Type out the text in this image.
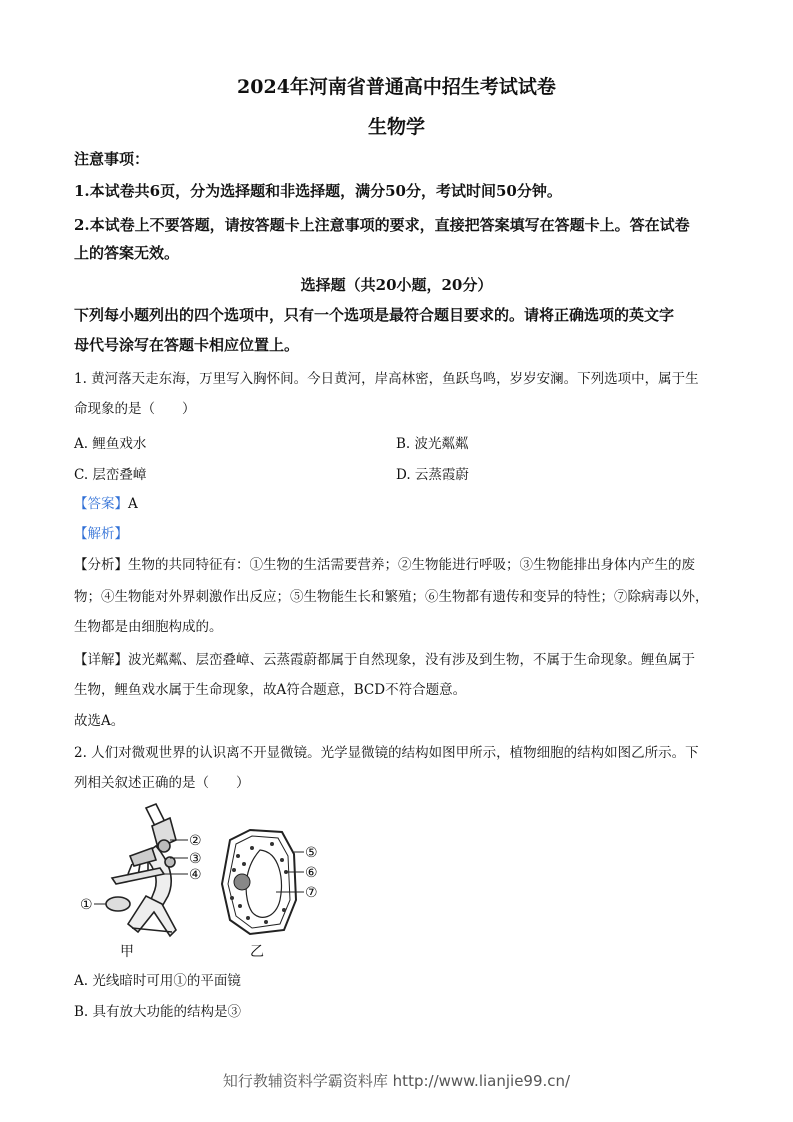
2024年河南省普通高中招生考试试卷
生物学
注意事项：
1.本试卷共6页，分为选择题和非选择题，满分50分，考试时间50分钟。
2.本试卷上不要答题，请按答题卡上注意事项的要求，直接把答案填写在答题卡上。答在试卷
上的答案无效。
选择题（共20小题，20分）
下列每小题列出的四个选项中，只有一个选项是最符合题目要求的。请将正确选项的英文字
母代号涂写在答题卡相应位置上。
1. 黄河落天走东海，万里写入胸怀间。今日黄河，岸高林密，鱼跃鸟鸣，岁岁安澜。下列选项中，属于生
命现象的是（　　）
A. 鲤鱼戏水	B. 波光粼粼
C. 层峦叠嶂	D. 云蒸霞蔚
【答案】A
【解析】
【分析】生物的共同特征有：①生物的生活需要营养；②生物能进行呼吸；③生物能排出身体内产生的废
物；④生物能对外界刺激作出反应；⑤生物能生长和繁殖；⑥生物都有遗传和变异的特性；⑦除病毒以外，
生物都是由细胞构成的。
【详解】波光粼粼、层峦叠嶂、云蒸霞蔚都属于自然现象，没有涉及到生物，不属于生命现象。鲤鱼属于
生物，鲤鱼戏水属于生命现象，故A符合题意，BCD不符合题意。
故选A。
2. 人们对微观世界的认识离不开显微镜。光学显微镜的结构如图甲所示，植物细胞的结构如图乙所示。下
列相关叙述正确的是（　　）
②
③
④
①
⑤
⑥
⑦
甲	乙
A. 光线暗时可用①的平面镜
B. 具有放大功能的结构是③
知行教辅资料学霸资料库 http://www.lianjie99.cn/
